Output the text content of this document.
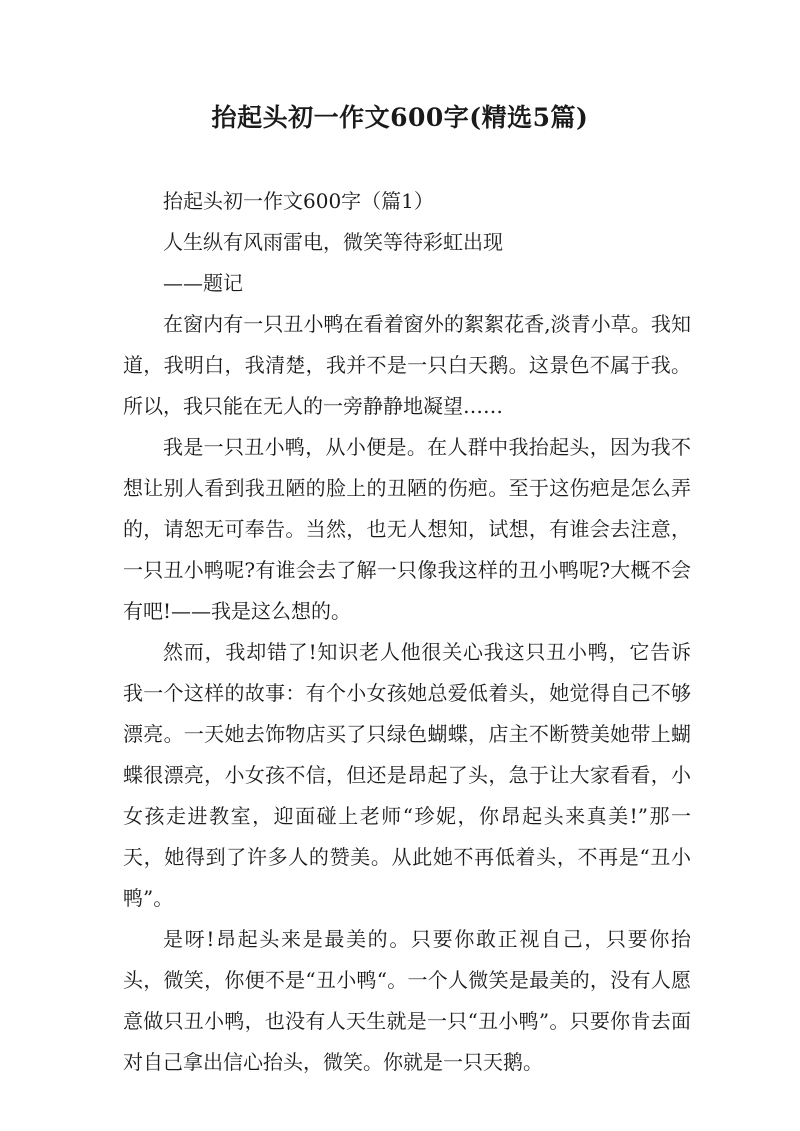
抬起头初一作文600字(精选5篇)

抬起头初一作文600字（篇1）

人生纵有风雨雷电，微笑等待彩虹出现

——题记

在窗内有一只丑小鸭在看着窗外的絮絮花香,淡青小草。我知道，我明白，我清楚，我并不是一只白天鹅。这景色不属于我。所以，我只能在无人的一旁静静地凝望……

我是一只丑小鸭，从小便是。在人群中我抬起头，因为我不想让别人看到我丑陋的脸上的丑陋的伤疤。至于这伤疤是怎么弄的，请恕无可奉告。当然，也无人想知，试想，有谁会去注意，一只丑小鸭呢?有谁会去了解一只像我这样的丑小鸭呢?大概不会有吧!——我是这么想的。

然而，我却错了!知识老人他很关心我这只丑小鸭，它告诉我一个这样的故事：有个小女孩她总爱低着头，她觉得自己不够漂亮。一天她去饰物店买了只绿色蝴蝶，店主不断赞美她带上蝴蝶很漂亮，小女孩不信，但还是昂起了头，急于让大家看看，小女孩走进教室，迎面碰上老师“珍妮，你昂起头来真美!”那一天，她得到了许多人的赞美。从此她不再低着头，不再是“丑小鸭”。

是呀!昂起头来是最美的。只要你敢正视自己，只要你抬头，微笑，你便不是“丑小鸭“。一个人微笑是最美的，没有人愿意做只丑小鸭，也没有人天生就是一只“丑小鸭”。只要你肯去面对自己拿出信心抬头，微笑。你就是一只天鹅。
